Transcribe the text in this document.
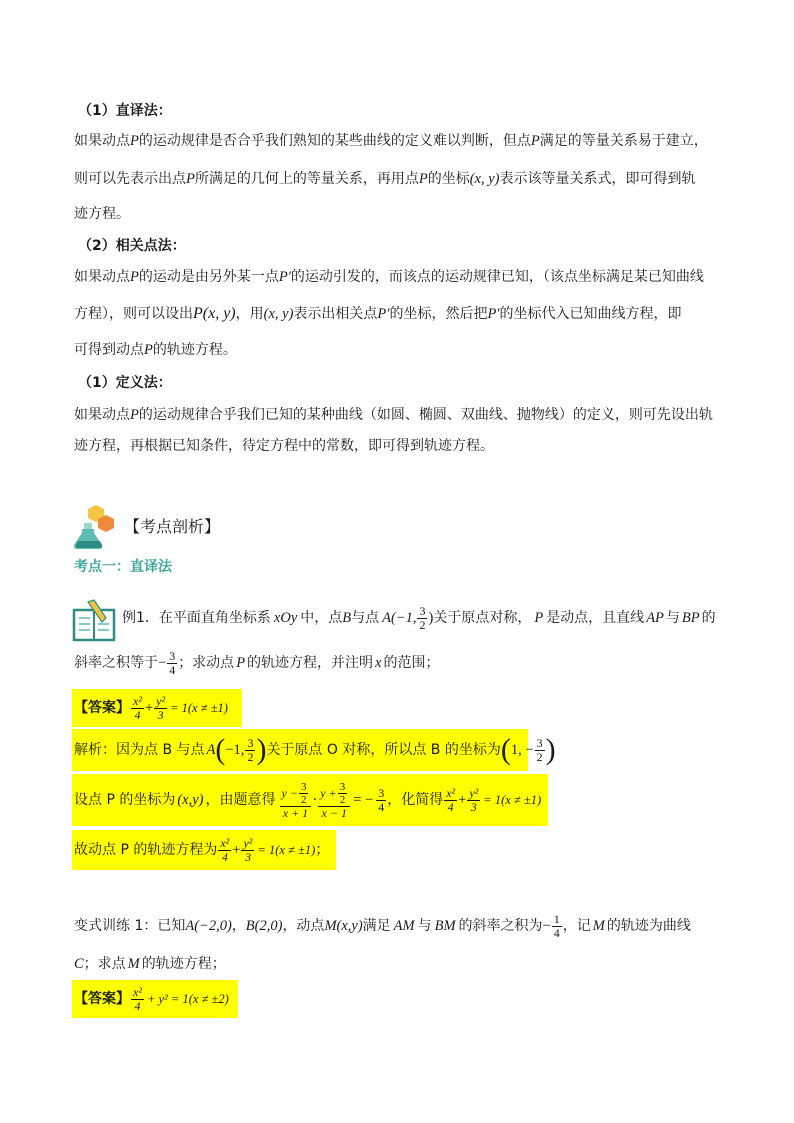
（1）直译法：
如果动点P的运动规律是否合乎我们熟知的某些曲线的定义难以判断，但点P满足的等量关系易于建立，
则可以先表示出点P所满足的几何上的等量关系，再用点P的坐标(x, y)表示该等量关系式，即可得到轨
迹方程。
（2）相关点法：
如果动点P的运动是由另外某一点P′的运动引发的，而该点的运动规律已知，（该点坐标满足某已知曲线
方程），则可以设出P(x, y)，用(x, y)表示出相关点P′的坐标，然后把P′的坐标代入已知曲线方程，即
可得到动点P的轨迹方程。
（1）定义法：
如果动点P的运动规律合乎我们已知的某种曲线（如圆、椭圆、双曲线、抛物线）的定义，则可先设出轨
迹方程，再根据已知条件，待定方程中的常数，即可得到轨迹方程。
【考点剖析】
考点一：直译法
例1．在平面直角坐标系 xOy 中，点 B 与点 A(−1, $\frac{3}{2}$ ) 关于原点对称， P 是动点，且直线 AP 与 BP 的
斜率之积等于 − $\frac{3}{4}$ ；求动点 P 的轨迹方程，并注明 x 的范围；
【答案】 $\frac{\text{x²}}{4} + \frac{\text{y²}}{3} = 1(x \ne \pm 1)$
解析：因为点 B 与点 A ( −1, $\frac{3}{2}$ ) 关于原点 O 对称，所以点 B 的坐标为 ( 1, − $\frac{3}{2}$ )
设点 P 的坐标为 (x,y) ，由题意得 $\frac{y - \frac{3}{2}}{x + 1} \cdot \frac{y + \frac{3}{2}}{x - 1}$ = − $\frac{3}{4}$ ，化简得 $\frac{\text{x²}}{4} + \frac{\text{y²}}{3} = 1(x \ne \pm 1)$
故动点 P 的轨迹方程为 $\frac{\text{x²}}{4} + \frac{\text{y²}}{3} = 1(x \ne \pm 1)$ ；
变式训练 1：已知 A(−2,0) ， B(2,0) ，动点 M(x,y) 满足 AM 与 BM 的斜率之积为 − $\frac{1}{4}$ ，记 M 的轨迹为曲线
C；求点 M 的轨迹方程；
【答案】 $\frac{\text{x²}}{4} + y^2 = 1(x \ne \pm 2)$
